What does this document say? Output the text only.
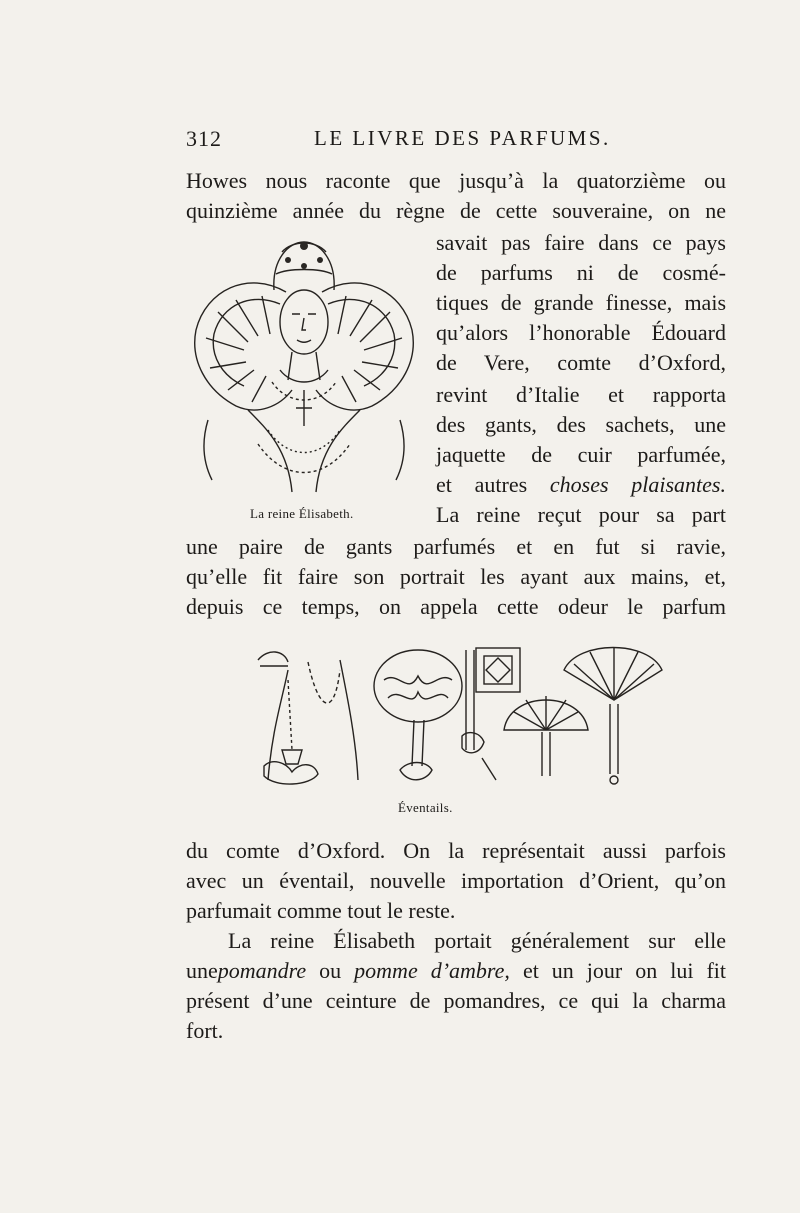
312	LE LIVRE DES PARFUMS.
Howes nous raconte que jusqu’à la quatorzième ou
quinzième année du règne de cette souveraine, on ne
savait pas faire dans ce pays
de parfums ni de cosmé-
tiques de grande finesse, mais
qu’alors l’honorable Édouard
de Vere, comte d’Oxford,
revint d’Italie et rapporta
des gants, des sachets, une
jaquette de cuir parfumée,
et autres choses plaisantes.
La reine reçut pour sa part
une paire de gants parfumés et en fut si ravie,
qu’elle fit faire son portrait les ayant aux mains, et,
depuis ce temps, on appela cette odeur le parfum
La reine Élisabeth.
Éventails.
du comte d’Oxford. On la représentait aussi parfois
avec un éventail, nouvelle importation d’Orient, qu’on
parfumait comme tout le reste.
La reine Élisabeth portait généralement sur elle
unepomandre ou pomme d’ambre, et un jour on lui fit
présent d’une ceinture de pomandres, ce qui la charma
fort.
